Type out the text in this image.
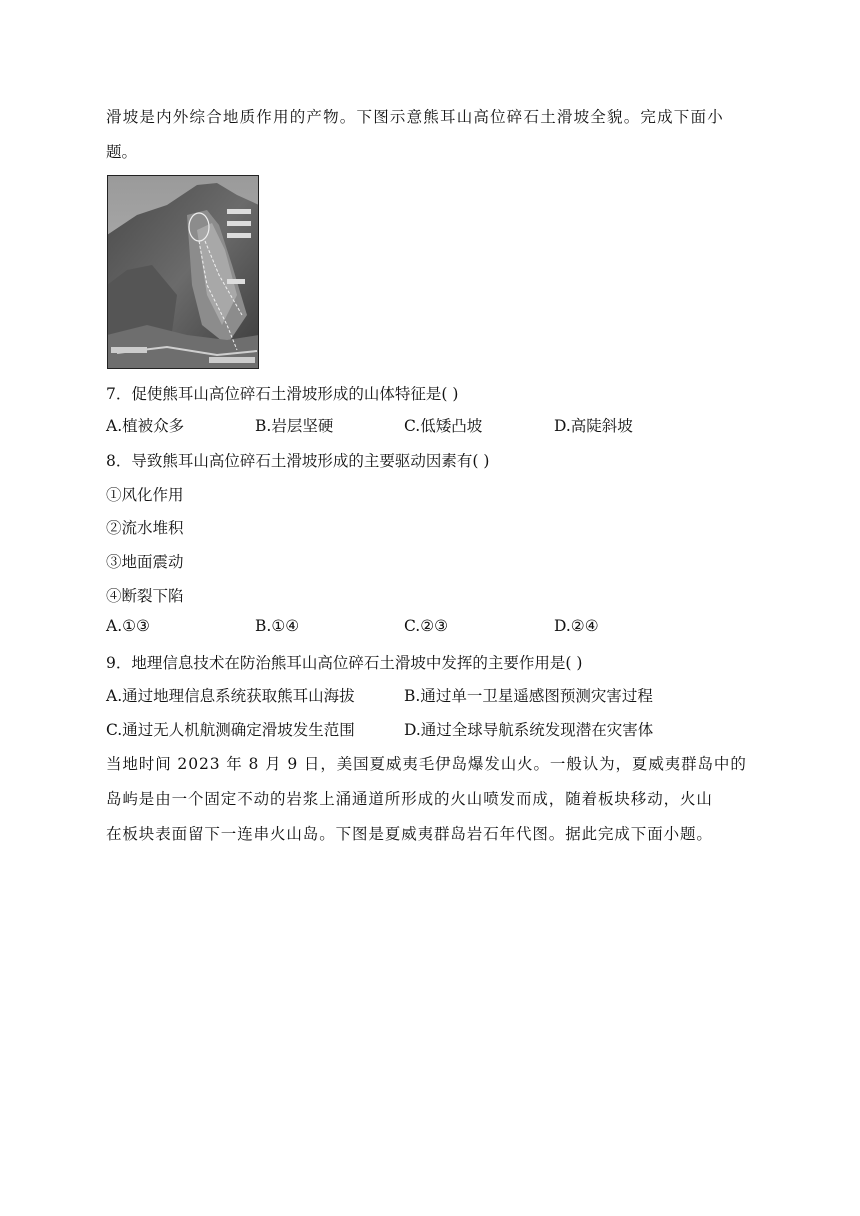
滑坡是内外综合地质作用的产物。下图示意熊耳山高位碎石土滑坡全貌。完成下面小
题。
7．促使熊耳山高位碎石土滑坡形成的山体特征是( )
A.植被众多	B.岩层坚硬	C.低矮凸坡	D.高陡斜坡
8．导致熊耳山高位碎石土滑坡形成的主要驱动因素有( )
①风化作用
②流水堆积
③地面震动
④断裂下陷
A.①③	B.①④	C.②③	D.②④
9．地理信息技术在防治熊耳山高位碎石土滑坡中发挥的主要作用是( )
A.通过地理信息系统获取熊耳山海拔	B.通过单一卫星遥感图预测灾害过程
C.通过无人机航测确定滑坡发生范围	D.通过全球导航系统发现潜在灾害体
当地时间 2023 年 8 月 9 日，美国夏威夷毛伊岛爆发山火。一般认为，夏威夷群岛中的
岛屿是由一个固定不动的岩浆上涌通道所形成的火山喷发而成，随着板块移动，火山
在板块表面留下一连串火山岛。下图是夏威夷群岛岩石年代图。据此完成下面小题。
